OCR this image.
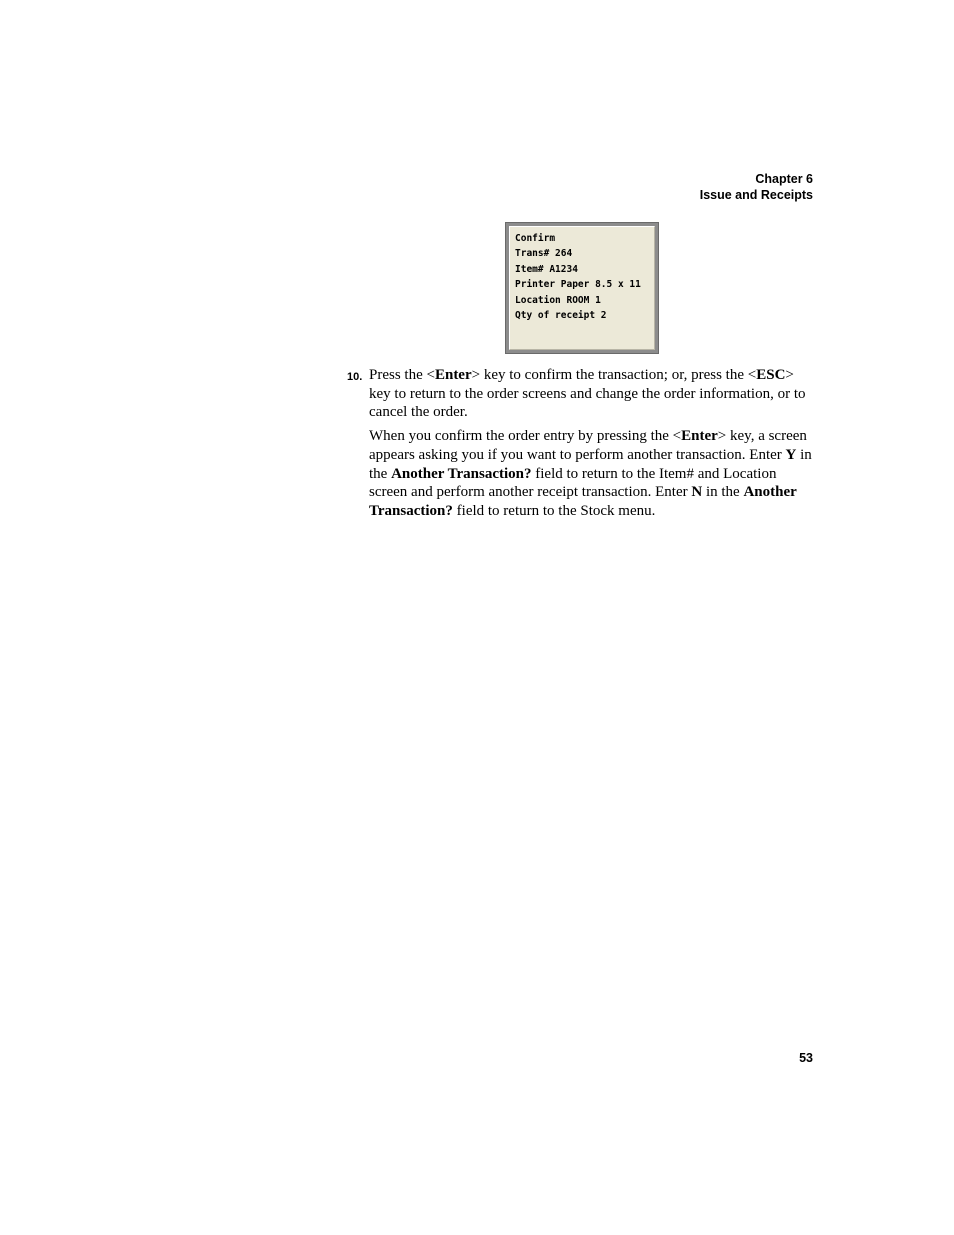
Chapter 6
Issue and Receipts
Confirm
Trans# 264
Item# A1234
Printer Paper 8.5 x 11
Location ROOM 1
Qty of receipt 2
10. Press the <Enter> key to confirm the transaction; or, press the <ESC> key to return to the order screens and change the order information, or to cancel the order.

When you confirm the order entry by pressing the <Enter> key, a screen appears asking you if you want to perform another transaction. Enter Y in the Another Transaction? field to return to the Item# and Location screen and perform another receipt transaction. Enter N in the Another Transaction? field to return to the Stock menu.

53
